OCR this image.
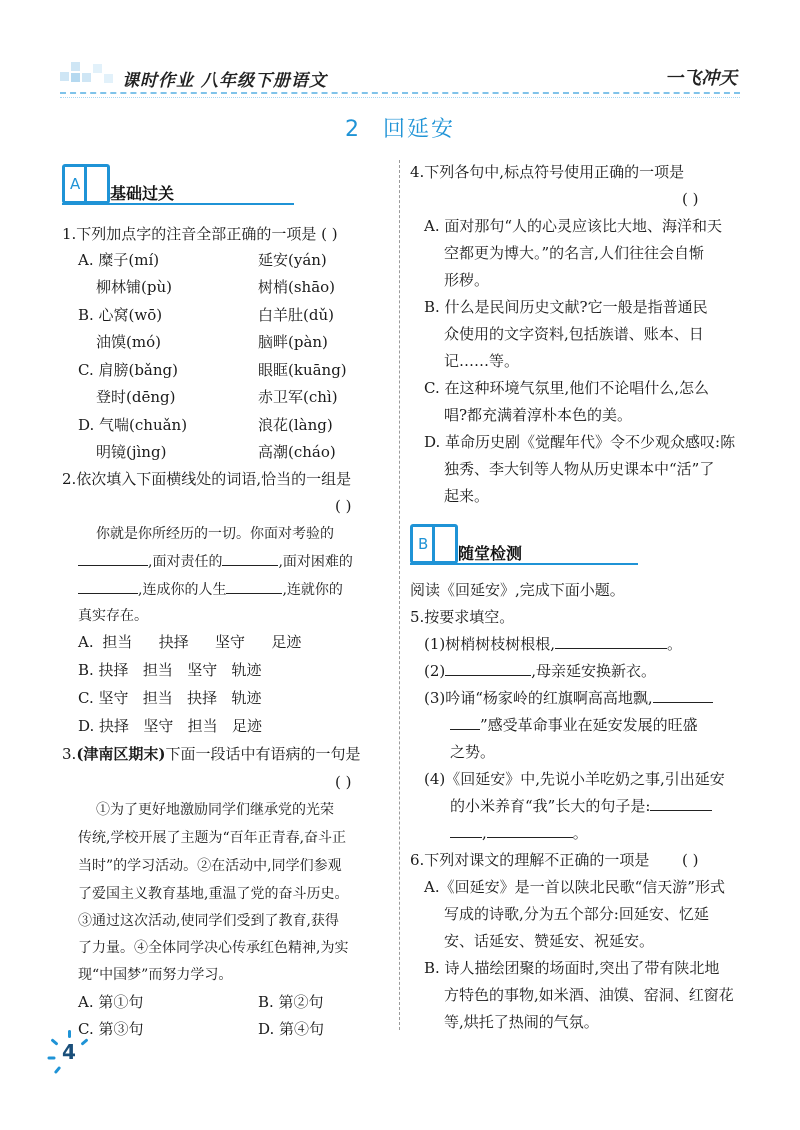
课时作业 八年级下册语文	一飞冲天
2 回延安
A 基础过关
1.下列加点字的注音全部正确的一项是 ( )
A. 糜子(mí)	延安(yán)
柳林铺(pù)	树梢(shāo)
B. 心窝(wō)	白羊肚(dǔ)
油馍(mó)	脑畔(pàn)
C. 肩膀(bǎng)	眼眶(kuāng)
登时(dēng)	赤卫军(chì)
D. 气喘(chuǎn)	浪花(làng)
明镜(jìng)	高潮(cháo)
2.依次填入下面横线处的词语,恰当的一组是
( )
你就是你所经历的一切。你面对考验的
,面对责任的	,面对困难的
,连成你的人生	,连就你的
真实存在。
A. 担当 抉择 坚守 足迹
B. 抉择 担当 坚守 轨迹
C. 坚守 担当 抉择 轨迹
D. 抉择 坚守 担当 足迹
3.(津南区期末)下面一段话中有语病的一句是
( )
①为了更好地激励同学们继承党的光荣
传统,学校开展了主题为“百年正青春,奋斗正
当时”的学习活动。②在活动中,同学们参观
了爱国主义教育基地,重温了党的奋斗历史。
③通过这次活动,使同学们受到了教育,获得
了力量。④全体同学决心传承红色精神,为实
现“中国梦”而努力学习。
A. 第①句	B. 第②句
C. 第③句	D. 第④句
4.下列各句中,标点符号使用正确的一项是
( )
A. 面对那句“人的心灵应该比大地、海洋和天
空都更为博大。”的名言,人们往往会自惭
形秽。
B. 什么是民间历史文献?它一般是指普通民
众使用的文字资料,包括族谱、账本、日
记……等。
C. 在这种环境气氛里,他们不论唱什么,怎么
唱?都充满着淳朴本色的美。
D. 革命历史剧《觉醒年代》令不少观众感叹:陈
独秀、李大钊等人物从历史课本中“活”了
起来。
B 随堂检测
阅读《回延安》,完成下面小题。
5.按要求填空。
(1)树梢树枝树根根,	。
(2)	,母亲延安换新衣。
(3)吟诵“杨家岭的红旗啊高高地飘,
”感受革命事业在延安发展的旺盛
之势。
(4)《回延安》中,先说小羊吃奶之事,引出延安
的小米养育“我”长大的句子是:
,	。
6.下列对课文的理解不正确的一项是 ( )
A.《回延安》是一首以陕北民歌“信天游”形式
写成的诗歌,分为五个部分:回延安、忆延
安、话延安、赞延安、祝延安。
B. 诗人描绘团聚的场面时,突出了带有陕北地
方特色的事物,如米酒、油馍、窑洞、红窗花
等,烘托了热闹的气氛。
4
